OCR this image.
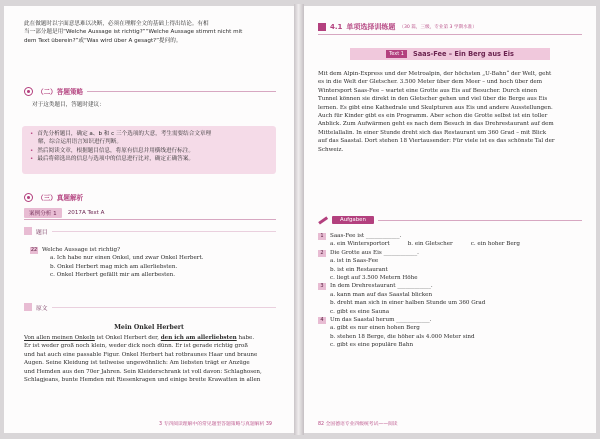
此在做题时以字面意思难以决断，必须在理解全文的基础上得出结论。有相
当一部分题是用“Welche Aussage ist richtig?”“Welche Aussage stimmt nicht mit
dem Text überein?”或“Was wird über A gesagt?”提问的。
（二）答题策略
对于这类题目，答题时建议：
• 首先分析题目，确定 a、b 和 c 三个选项的大意，考生需要结合文章理
解，综合运用语言知识进行判断。
• 然后阅读文章，根据题目信息，将原有信息并用横线进行标注。
• 最后将筛选出的信息与选项中的信息进行比对，确定正确答案。
（三）真题解析
案例分析 1	2017A Text A
题目
22 Welche Aussage ist richtig?
a. Ich habe nur einen Onkel, und zwar Onkel Herbert.
b. Onkel Herbert mag mich am allerliebsten.
c. Onkel Herbert gefällt mir am allerbesten.
原文
Mein Onkel Herbert
Von allen meinen Onkeln ist Onkel Herbert der, den ich am allerliebsten habe.
Er ist weder groß noch klein, weder dick noch dünn. Er ist gerade richtig groß
und hat auch eine passable Figur. Onkel Herbert hat rotbraunes Haar und braune
Augen. Seine Kleidung ist teilweise ungewöhnlich: Am liebsten trägt er Anzüge
und Hemden aus den 70er Jahren. Sein Kleiderschrank ist voll davon: Schlaghosen,
Schlagjeans, bunte Hemden mit Riesenkragen und einige breite Krawatten in allen
3 专四阅读理解中的常见题型答题策略与真题解析 39
4.1 单项选择训练题 （30 篇，三级，专业第 3 学期水准）
Text 1	Saas-Fee – Ein Berg aus Eis
Mit dem Alpin-Express und der Metroalpin, der höchsten „U-Bahn“ der Welt, geht
es in die Welt der Gletscher. 3.500 Meter über dem Meer – und hoch über dem
Wintersport Saas-Fee – wartet eine Grotte aus Eis auf Besucher. Durch einen
Tunnel können sie direkt in den Gletscher gehen und viel über die Berge aus Eis
lernen. Es gibt eine Kathedrale und Skulpturen aus Eis und andere Ausstellungen.
Auch für Kinder gibt es ein Programm. Aber schon die Grotte selbst ist ein toller
Anblick. Zum Aufwärmen geht es nach dem Besuch in das Drehrestaurant auf dem
Mittelallalin. In einer Stunde dreht sich das Restaurant um 360 Grad – mit Blick
auf das Saastal. Dort stehen 18 Viertausender: Für viele ist es das schönste Tal der
Schweiz.
Aufgaben
1	Saas-Fee ist ____________.
a. ein Wintersportort	b. ein Gletscher	c. ein hoher Berg
2	Die Grotte aus Eis ____________.
a. ist in Saas-Fee
b. ist ein Restaurant
c. liegt auf 3.500 Metern Höhe
3	In dem Drehrestaurant ____________.
a. kann man auf das Saastal blicken
b. dreht man sich in einer halben Stunde um 360 Grad
c. gibt es eine Sauna
4	Um das Saastal herum ____________.
a. gibt es nur einen hohen Berg
b. stehen 18 Berge, die höher als 4.000 Meter sind
c. gibt es eine populäre Bahn
82 全国德语专业四级统考试——阅读
